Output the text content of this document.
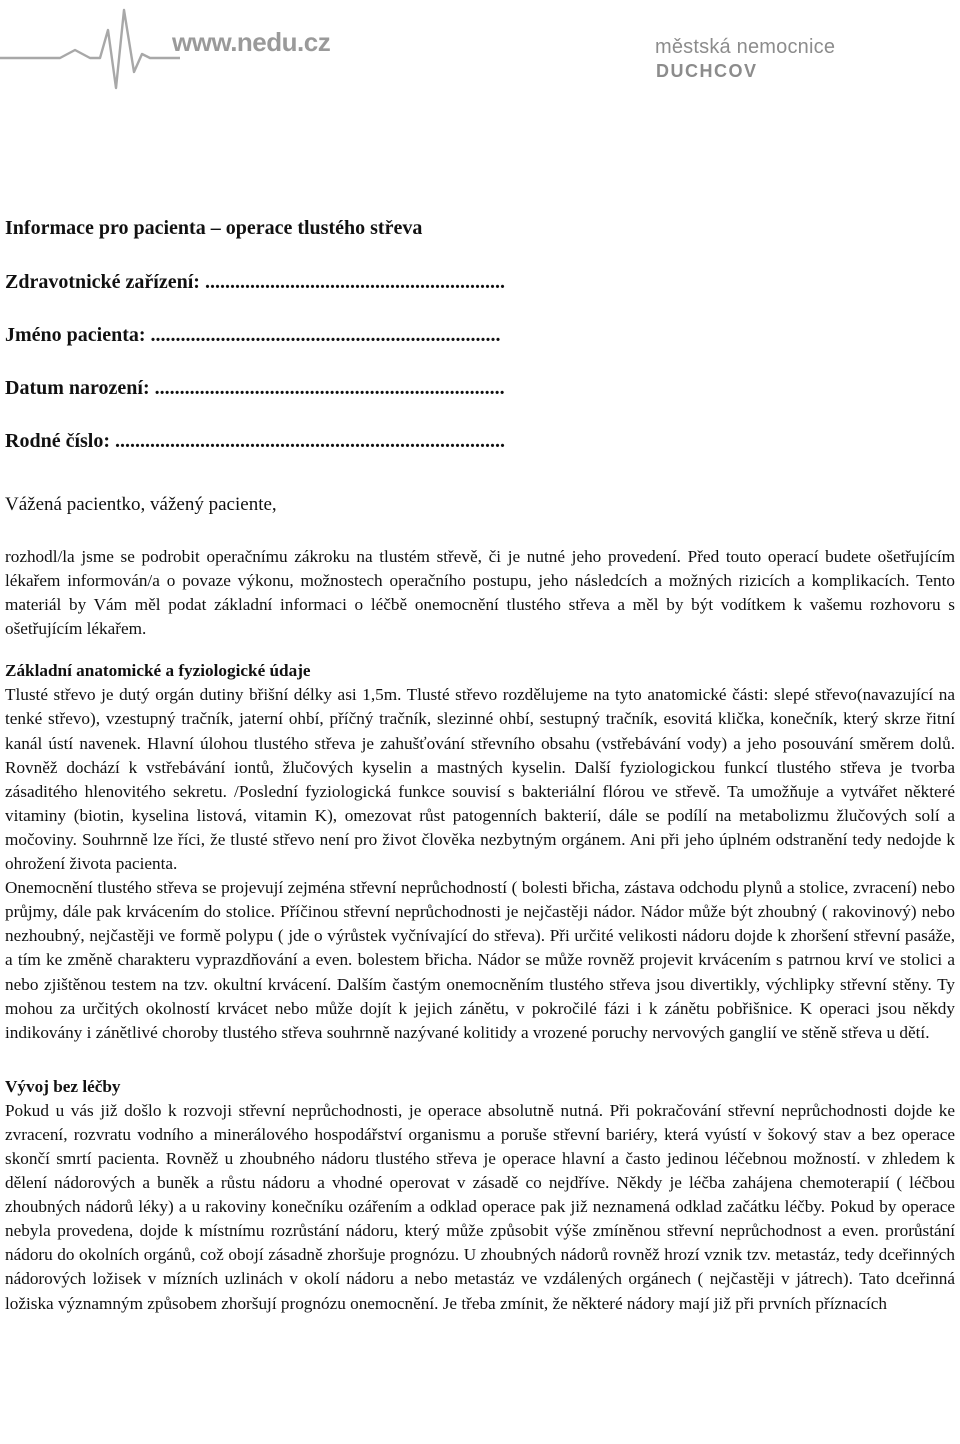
www.nedu.cz	městská nemocnice
DUCHCOV
Informace pro pacienta – operace tlustého střeva
Zdravotnické zařízení: ............................................................
Jméno pacienta: ......................................................................
Datum narození: ......................................................................
Rodné číslo: ..............................................................................
Vážená pacientko, vážený paciente,

rozhodl/la jsme se podrobit operačnímu zákroku na tlustém střevě, či je nutné jeho provedení. Před touto operací budete ošetřujícím lékařem informován/a o povaze výkonu, možnostech operačního postupu, jeho následcích a možných rizicích a komplikacích. Tento materiál by Vám měl podat základní informaci o léčbě onemocnění tlustého střeva a měl by být vodítkem k vašemu rozhovoru s ošetřujícím lékařem.

Základní anatomické a fyziologické údaje

Tlusté střevo je dutý orgán dutiny břišní délky asi 1,5m. Tlusté střevo rozdělujeme na tyto anatomické části: slepé střevo(navazující na tenké střevo), vzestupný tračník, jaterní ohbí, příčný tračník, slezinné ohbí, sestupný tračník, esovitá klička, konečník, který skrze řitní kanál ústí navenek. Hlavní úlohou tlustého střeva je zahušťování střevního obsahu (vstřebávání vody) a jeho posouvání směrem dolů. Rovněž dochází k vstřebávání iontů, žlučových kyselin a mastných kyselin. Další fyziologickou funkcí tlustého střeva je tvorba zásaditého hlenovitého sekretu. /Poslední fyziologická funkce souvisí s bakteriální flórou ve střevě. Ta umožňuje a vytvářet některé vitaminy (biotin, kyselina listová, vitamin K), omezovat růst patogenních bakterií, dále se podílí na metabolizmu žlučových solí a močoviny. Souhrnně lze říci, že tlusté střevo není pro život člověka nezbytným orgánem. Ani při jeho úplném odstranění tedy nedojde k ohrožení života pacienta.

Onemocnění tlustého střeva se projevují zejména střevní neprůchodností ( bolesti břicha, zástava odchodu plynů a stolice, zvracení) nebo průjmy, dále pak krvácením do stolice. Příčinou střevní neprůchodnosti je nejčastěji nádor. Nádor může být zhoubný ( rakovinový) nebo nezhoubný, nejčastěji ve formě polypu ( jde o výrůstek vyčnívající do střeva). Při určité velikosti nádoru dojde k zhoršení střevní pasáže, a tím ke změně charakteru vyprazdňování a even. bolestem břicha. Nádor se může rovněž projevit krvácením s patrnou krví ve stolici a nebo zjištěnou testem na tzv. okultní krvácení. Dalším častým onemocněním tlustého střeva jsou divertikly, výchlipky střevní stěny. Ty mohou za určitých okolností krvácet nebo může dojít k jejich zánětu, v pokročilé fázi i k zánětu pobřišnice. K operaci jsou někdy indikovány i zánětlivé choroby tlustého střeva souhrnně nazývané kolitidy a vrozené poruchy nervových ganglií ve stěně střeva u dětí.

Vývoj bez léčby

Pokud u vás již došlo k rozvoji střevní neprůchodnosti, je operace absolutně nutná. Při pokračování střevní neprůchodnosti dojde ke zvracení, rozvratu vodního a minerálového hospodářství organismu a poruše střevní bariéry, která vyústí v šokový stav a bez operace skončí smrtí pacienta. Rovněž u zhoubného nádoru tlustého střeva je operace hlavní a často jedinou léčebnou možností. v zhledem k dělení nádorových a buněk a růstu nádoru a vhodné operovat v zásadě co nejdříve. Někdy je léčba zahájena chemoterapií ( léčbou zhoubných nádorů léky) a u rakoviny konečníku ozářením a odklad operace pak již neznamená odklad začátku léčby. Pokud by operace nebyla provedena, dojde k místnímu rozrůstání nádoru, který může způsobit výše zmíněnou střevní neprůchodnost a even. prorůstání nádoru do okolních orgánů, což obojí zásadně zhoršuje prognózu. U zhoubných nádorů rovněž hrozí vznik tzv. metastáz, tedy dceřinných nádorových ložisek v mízních uzlinách v okolí nádoru a nebo metastáz ve vzdálených orgánech ( nejčastěji v játrech). Tato dceřinná ložiska významným způsobem zhoršují prognózu onemocnění. Je třeba zmínit, že některé nádory mají již při prvních příznacích
